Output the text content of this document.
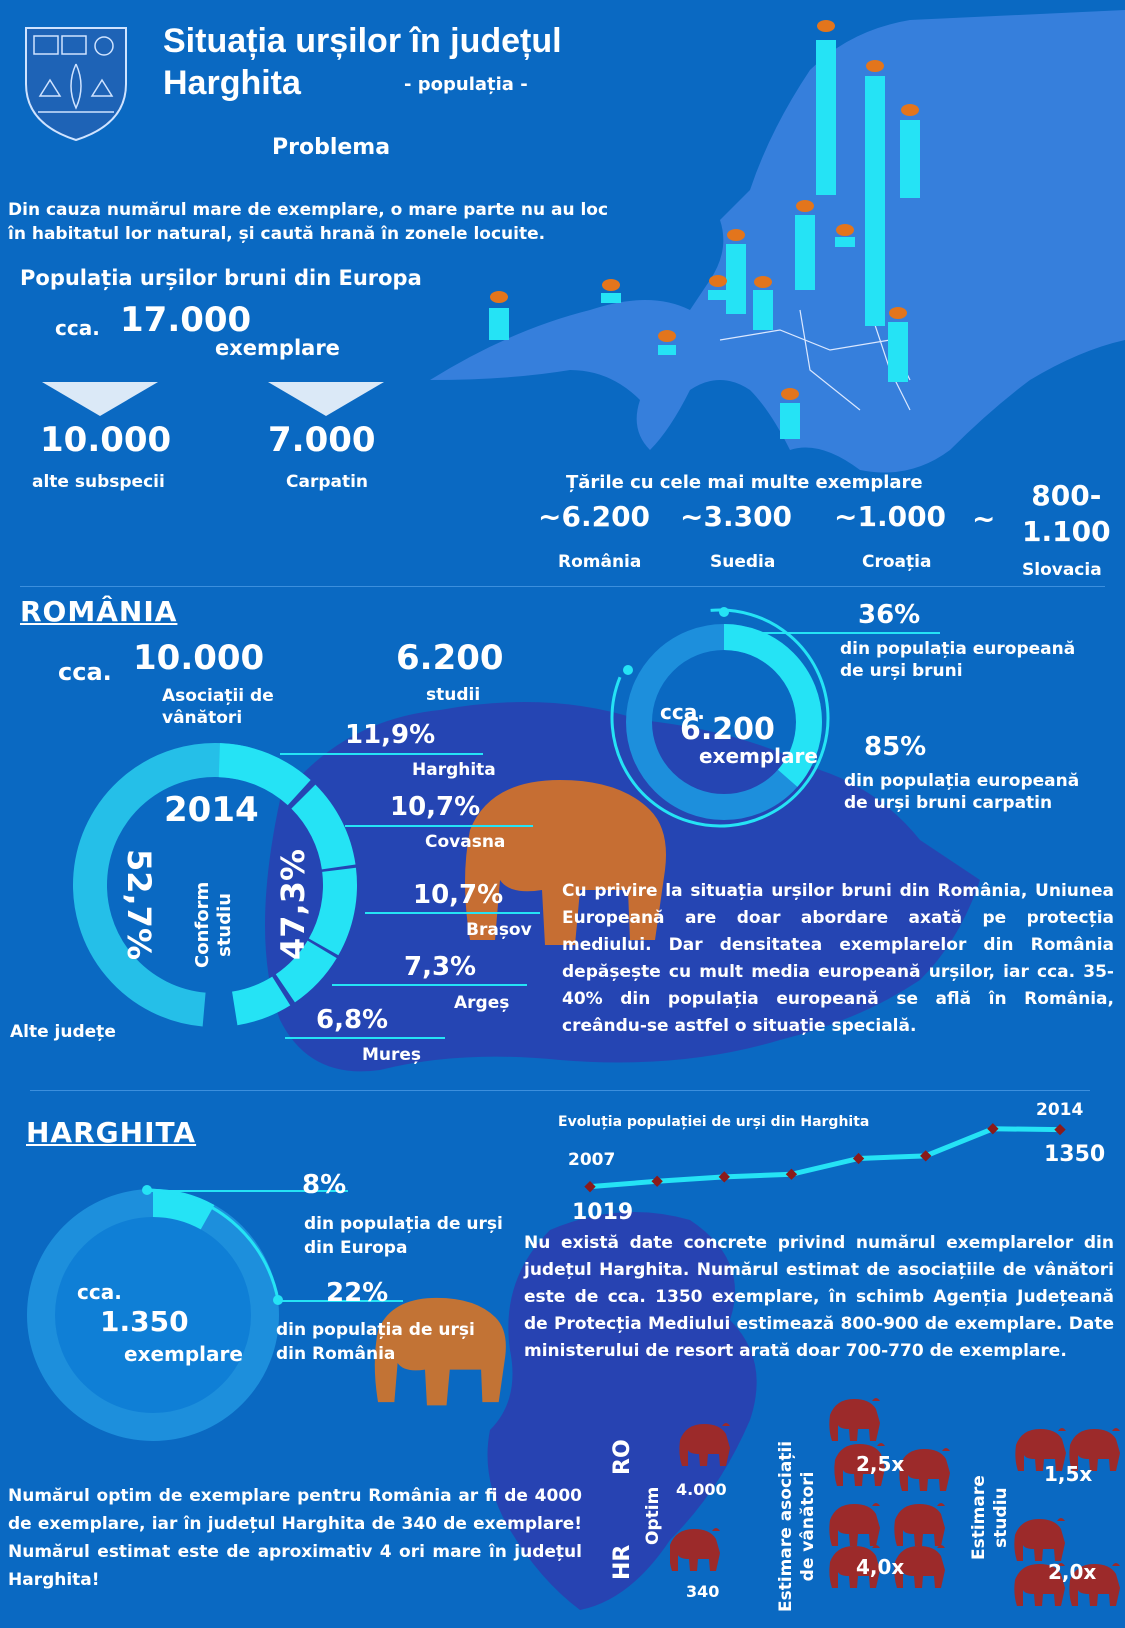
Situația urșilor în județul
Harghita	- populația -
Problema
Din cauza numărul mare de exemplare, o mare parte nu au loc
în habitatul lor natural, și caută hrană în zonele locuite.
Populația urșilor bruni din Europa
cca. 17.000
exemplare
10.000
alte subspecii
7.000
Carpatin	Țările cu cele mai multe exemplare
~6.200
România
~3.300
Suedia
~1.000
Croația
~
800-
1.100
Slovacia
ROMÂNIA
cca. 10.000
Asociații de
vânători
6.200
studii
2014
52,7% Conform studiu 47,3%
Alte județe
11,9%
Harghita
10,7%
Covasna
10,7%
Brașov
7,3%
Argeș
6,8%
Mureș
cca.
6.200
exemplare
36%
din populația europeană
de urși bruni
85%
din populația europeană
de urși bruni carpatin
Cu privire la situația urșilor bruni din România, Uniunea Europeană are doar abordare axată pe protecția mediului. Dar densitatea exemplarelor din România depășește cu mult media europeană urșilor, iar cca. 35-40% din populația europeană se află în România, creându-se astfel o situație specială.
HARGHITA
cca.
1.350
exemplare
8%
din populația de urși
din Europa
22%
din populația de urși
din România
Evoluția populației de urși din Harghita
2007
2014
1019
1350
Nu există date concrete privind numărul exemplarelor din județul Harghita. Numărul estimat de asociațiile de vânători este de cca. 1350 exemplare, în schimb Agenția Județeană de Protecția Mediului estimează 800-900 de exemplare. Date ministerului de resort arată doar 700-770 de exemplare.
Numărul optim de exemplare pentru România ar fi de 4000 de exemplare, iar în județul Harghita de 340 de exemplare! Numărul estimat este de aproximativ 4 ori mare în județul Harghita!
RO
HR
Optim	Estimare asociații de vânători	Estimare studiu
4.000
340
2,5x
4,0x
1,5x
2,0x
